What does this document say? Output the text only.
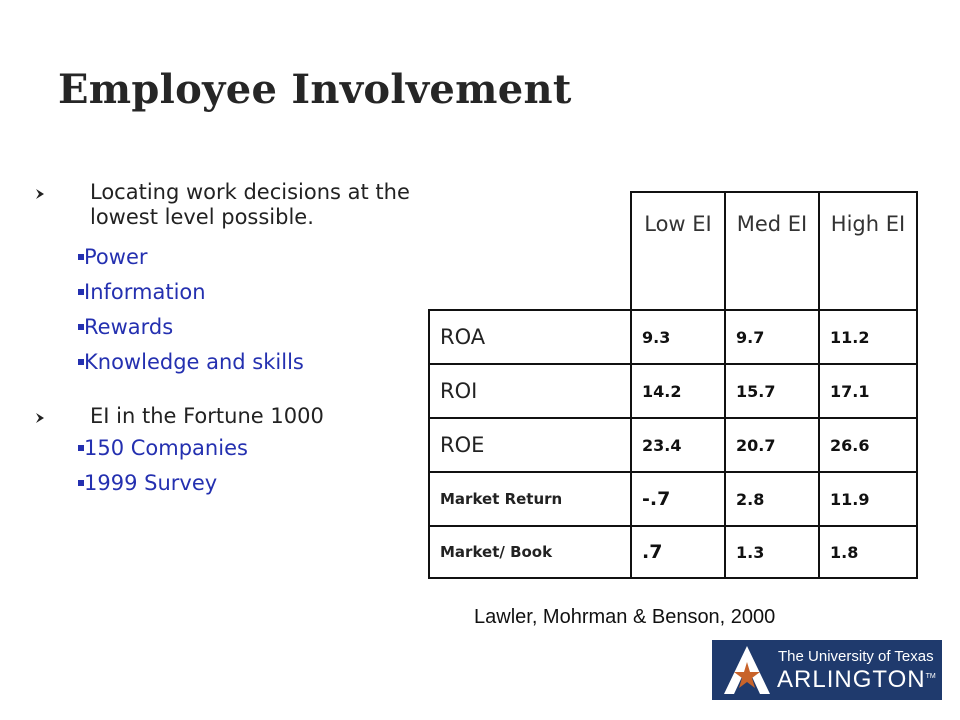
Employee Involvement
Locating work decisions at the lowest level possible.
Power
Information
Rewards
Knowledge and skills
EI in the Fortune 1000
150 Companies
1999 Survey
	Low EI	Med EI	High EI
ROA	9.3	9.7	11.2
ROI	14.2	15.7	17.1
ROE	23.4	20.7	26.6
Market Return	-.7	2.8	11.9
Market/ Book	.7	1.3	1.8
Lawler, Mohrman & Benson, 2000
The University of Texas
ARLINGTON™
